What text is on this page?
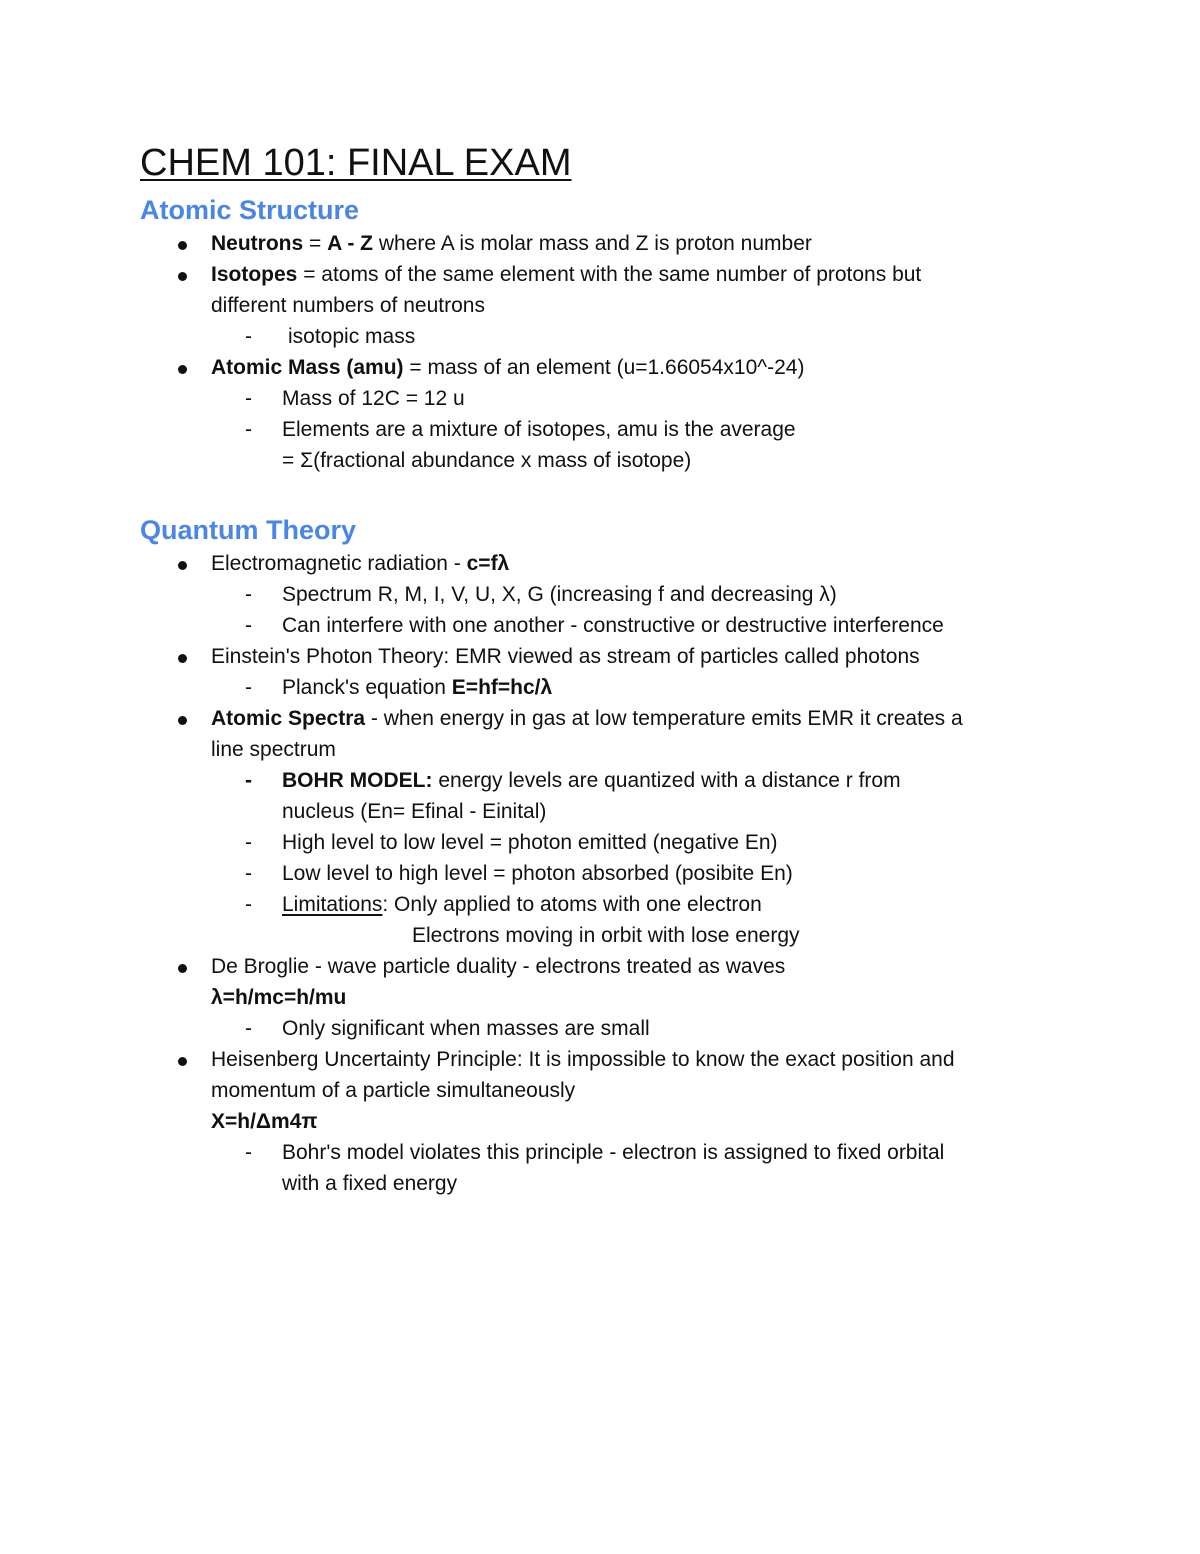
CHEM 101: FINAL EXAM
Atomic Structure
Neutrons = A - Z where A is molar mass and Z is proton number
Isotopes = atoms of the same element with the same number of protons but
different numbers of neutrons
- isotopic mass
Atomic Mass (amu) = mass of an element (u=1.66054x10^-24)
- Mass of 12C = 12 u
- Elements are a mixture of isotopes, amu is the average
= Σ(fractional abundance x mass of isotope)
Quantum Theory
Electromagnetic radiation - c=fλ
- Spectrum R, M, I, V, U, X, G (increasing f and decreasing λ)
- Can interfere with one another - constructive or destructive interference
Einstein's Photon Theory: EMR viewed as stream of particles called photons
- Planck's equation E=hf=hc/λ
Atomic Spectra - when energy in gas at low temperature emits EMR it creates a
line spectrum
- BOHR MODEL: energy levels are quantized with a distance r from
nucleus (En= Efinal - Einital)
- High level to low level = photon emitted (negative En)
- Low level to high level = photon absorbed (posibite En)
- Limitations: Only applied to atoms with one electron
Electrons moving in orbit with lose energy
De Broglie - wave particle duality - electrons treated as waves
λ=h/mc=h/mu
- Only significant when masses are small
Heisenberg Uncertainty Principle: It is impossible to know the exact position and
momentum of a particle simultaneously
X=h/Δm4π
- Bohr's model violates this principle - electron is assigned to fixed orbital
with a fixed energy
